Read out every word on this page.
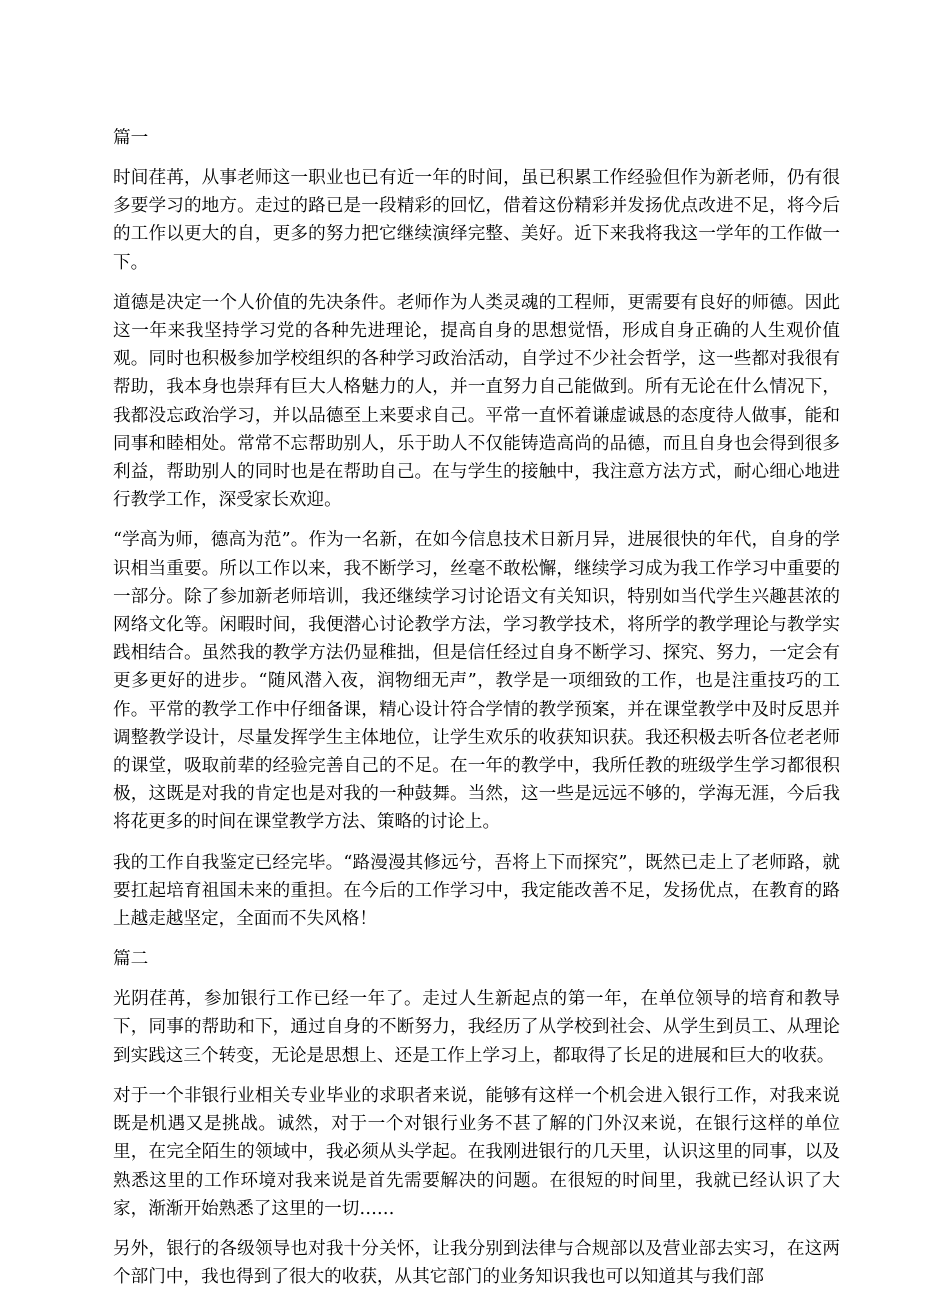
篇一

时间荏苒，从事老师这一职业也已有近一年的时间，虽已积累工作经验但作为新老师，仍有很多要学习的地方。走过的路已是一段精彩的回忆，借着这份精彩并发扬优点改进不足，将今后的工作以更大的自，更多的努力把它继续演绎完整、美好。近下来我将我这一学年的工作做一下。

道德是决定一个人价值的先决条件。老师作为人类灵魂的工程师，更需要有良好的师德。因此这一年来我坚持学习党的各种先进理论，提高自身的思想觉悟，形成自身正确的人生观价值观。同时也积极参加学校组织的各种学习政治活动，自学过不少社会哲学，这一些都对我很有帮助，我本身也崇拜有巨大人格魅力的人，并一直努力自己能做到。所有无论在什么情况下，我都没忘政治学习，并以品德至上来要求自己。平常一直怀着谦虚诚恳的态度待人做事，能和同事和睦相处。常常不忘帮助别人，乐于助人不仅能铸造高尚的品德，而且自身也会得到很多利益，帮助别人的同时也是在帮助自己。在与学生的接触中，我注意方法方式，耐心细心地进行教学工作，深受家长欢迎。

“学高为师，德高为范”。作为一名新，在如今信息技术日新月异，进展很快的年代，自身的学识相当重要。所以工作以来，我不断学习，丝毫不敢松懈，继续学习成为我工作学习中重要的一部分。除了参加新老师培训，我还继续学习讨论语文有关知识，特别如当代学生兴趣甚浓的网络文化等。闲暇时间，我便潜心讨论教学方法，学习教学技术，将所学的教学理论与教学实践相结合。虽然我的教学方法仍显稚拙，但是信任经过自身不断学习、探究、努力，一定会有更多更好的进步。“随风潜入夜，润物细无声”，教学是一项细致的工作，也是注重技巧的工作。平常的教学工作中仔细备课，精心设计符合学情的教学预案，并在课堂教学中及时反思并调整教学设计，尽量发挥学生主体地位，让学生欢乐的收获知识获。我还积极去听各位老老师的课堂，吸取前辈的经验完善自己的不足。在一年的教学中，我所任教的班级学生学习都很积极，这既是对我的肯定也是对我的一种鼓舞。当然，这一些是远远不够的，学海无涯，今后我将花更多的时间在课堂教学方法、策略的讨论上。

我的工作自我鉴定已经完毕。“路漫漫其修远兮，吾将上下而探究”，既然已走上了老师路，就要扛起培育祖国未来的重担。在今后的工作学习中，我定能改善不足，发扬优点，在教育的路上越走越坚定，全面而不失风格！

篇二

光阴荏苒，参加银行工作已经一年了。走过人生新起点的第一年，在单位领导的培育和教导下，同事的帮助和下，通过自身的不断努力，我经历了从学校到社会、从学生到员工、从理论到实践这三个转变，无论是思想上、还是工作上学习上，都取得了长足的进展和巨大的收获。

对于一个非银行业相关专业毕业的求职者来说，能够有这样一个机会进入银行工作，对我来说既是机遇又是挑战。诚然，对于一个对银行业务不甚了解的门外汉来说，在银行这样的单位里，在完全陌生的领域中，我必须从头学起。在我刚进银行的几天里，认识这里的同事，以及熟悉这里的工作环境对我来说是首先需要解决的问题。在很短的时间里，我就已经认识了大家，渐渐开始熟悉了这里的一切……

另外，银行的各级领导也对我十分关怀，让我分别到法律与合规部以及营业部去实习，在这两个部门中，我也得到了很大的收获，从其它部门的业务知识我也可以知道其与我们部
